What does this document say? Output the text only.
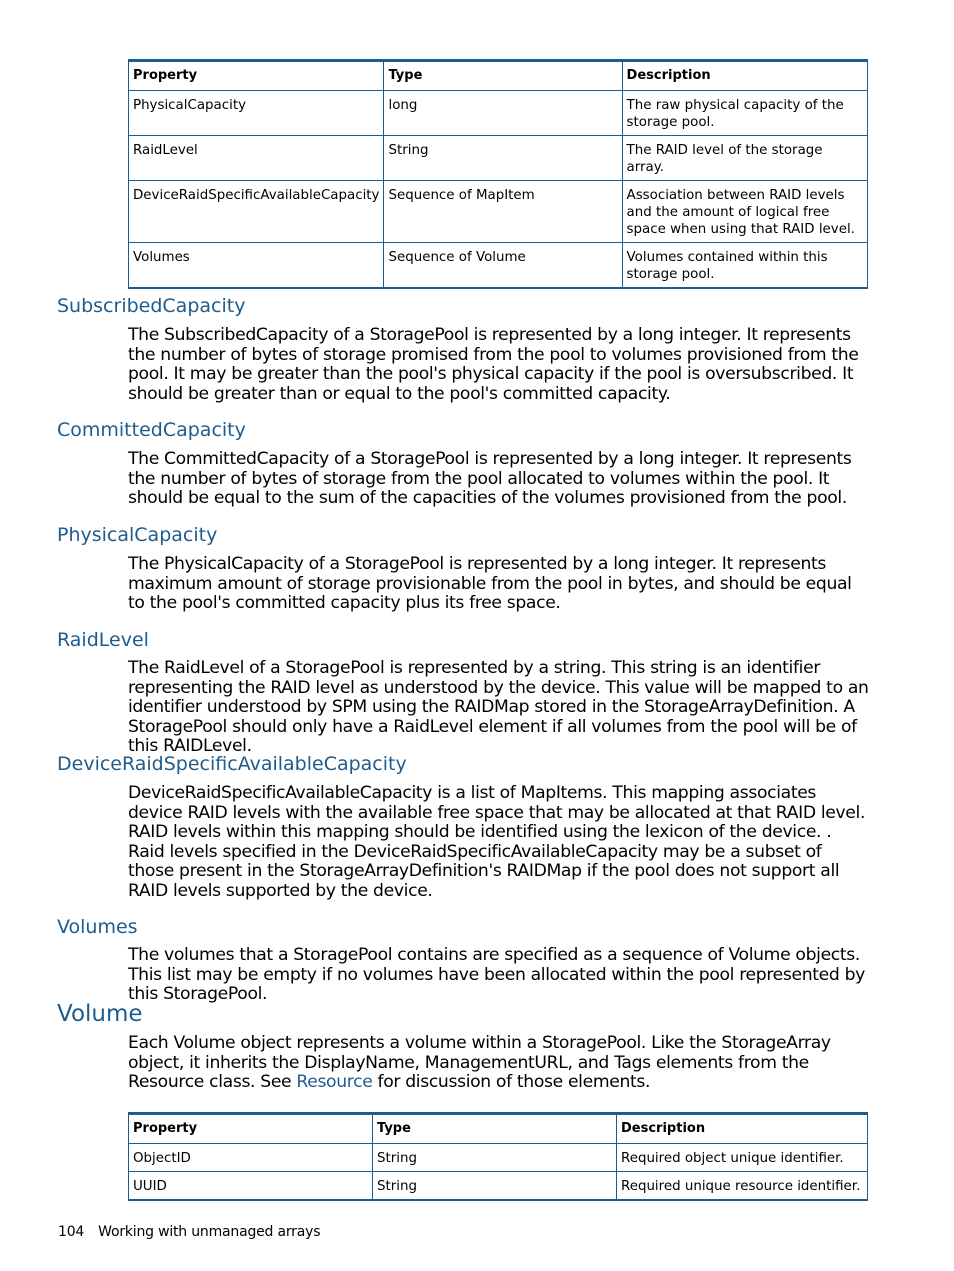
Property	Type	Description
PhysicalCapacity	long	The raw physical capacity of the storage pool.
RaidLevel	String	The RAID level of the storage array.
DeviceRaidSpecificAvailableCapacity	Sequence of MapItem	Association between RAID levels and the amount of logical free space when using that RAID level.
Volumes	Sequence of Volume	Volumes contained within this storage pool.
SubscribedCapacity

The SubscribedCapacity of a StoragePool is represented by a long integer. It represents the number of bytes of storage promised from the pool to volumes provisioned from the pool. It may be greater than the pool's physical capacity if the pool is oversubscribed. It should be greater than or equal to the pool's committed capacity.

CommittedCapacity

The CommittedCapacity of a StoragePool is represented by a long integer. It represents the number of bytes of storage from the pool allocated to volumes within the pool. It should be equal to the sum of the capacities of the volumes provisioned from the pool.

PhysicalCapacity

The PhysicalCapacity of a StoragePool is represented by a long integer. It represents maximum amount of storage provisionable from the pool in bytes, and should be equal to the pool's committed capacity plus its free space.

RaidLevel

The RaidLevel of a StoragePool is represented by a string. This string is an identifier representing the RAID level as understood by the device. This value will be mapped to an identifier understood by SPM using the RAIDMap stored in the StorageArrayDefinition. A StoragePool should only have a RaidLevel element if all volumes from the pool will be of this RAIDLevel.

DeviceRaidSpecificAvailableCapacity

DeviceRaidSpecificAvailableCapacity is a list of MapItems. This mapping associates device RAID levels with the available free space that may be allocated at that RAID level. RAID levels within this mapping should be identified using the lexicon of the device. . Raid levels specified in the DeviceRaidSpecificAvailableCapacity may be a subset of those present in the StorageArrayDefinition's RAIDMap if the pool does not support all RAID levels supported by the device.

Volumes

The volumes that a StoragePool contains are specified as a sequence of Volume objects. This list may be empty if no volumes have been allocated within the pool represented by this StoragePool.

Volume

Each Volume object represents a volume within a StoragePool. Like the StorageArray object, it inherits the DisplayName, ManagementURL, and Tags elements from the Resource class. See Resource for discussion of those elements.

Property	Type	Description
ObjectID	String	Required object unique identifier.
UUID	String	Required unique resource identifier.
104 Working with unmanaged arrays
